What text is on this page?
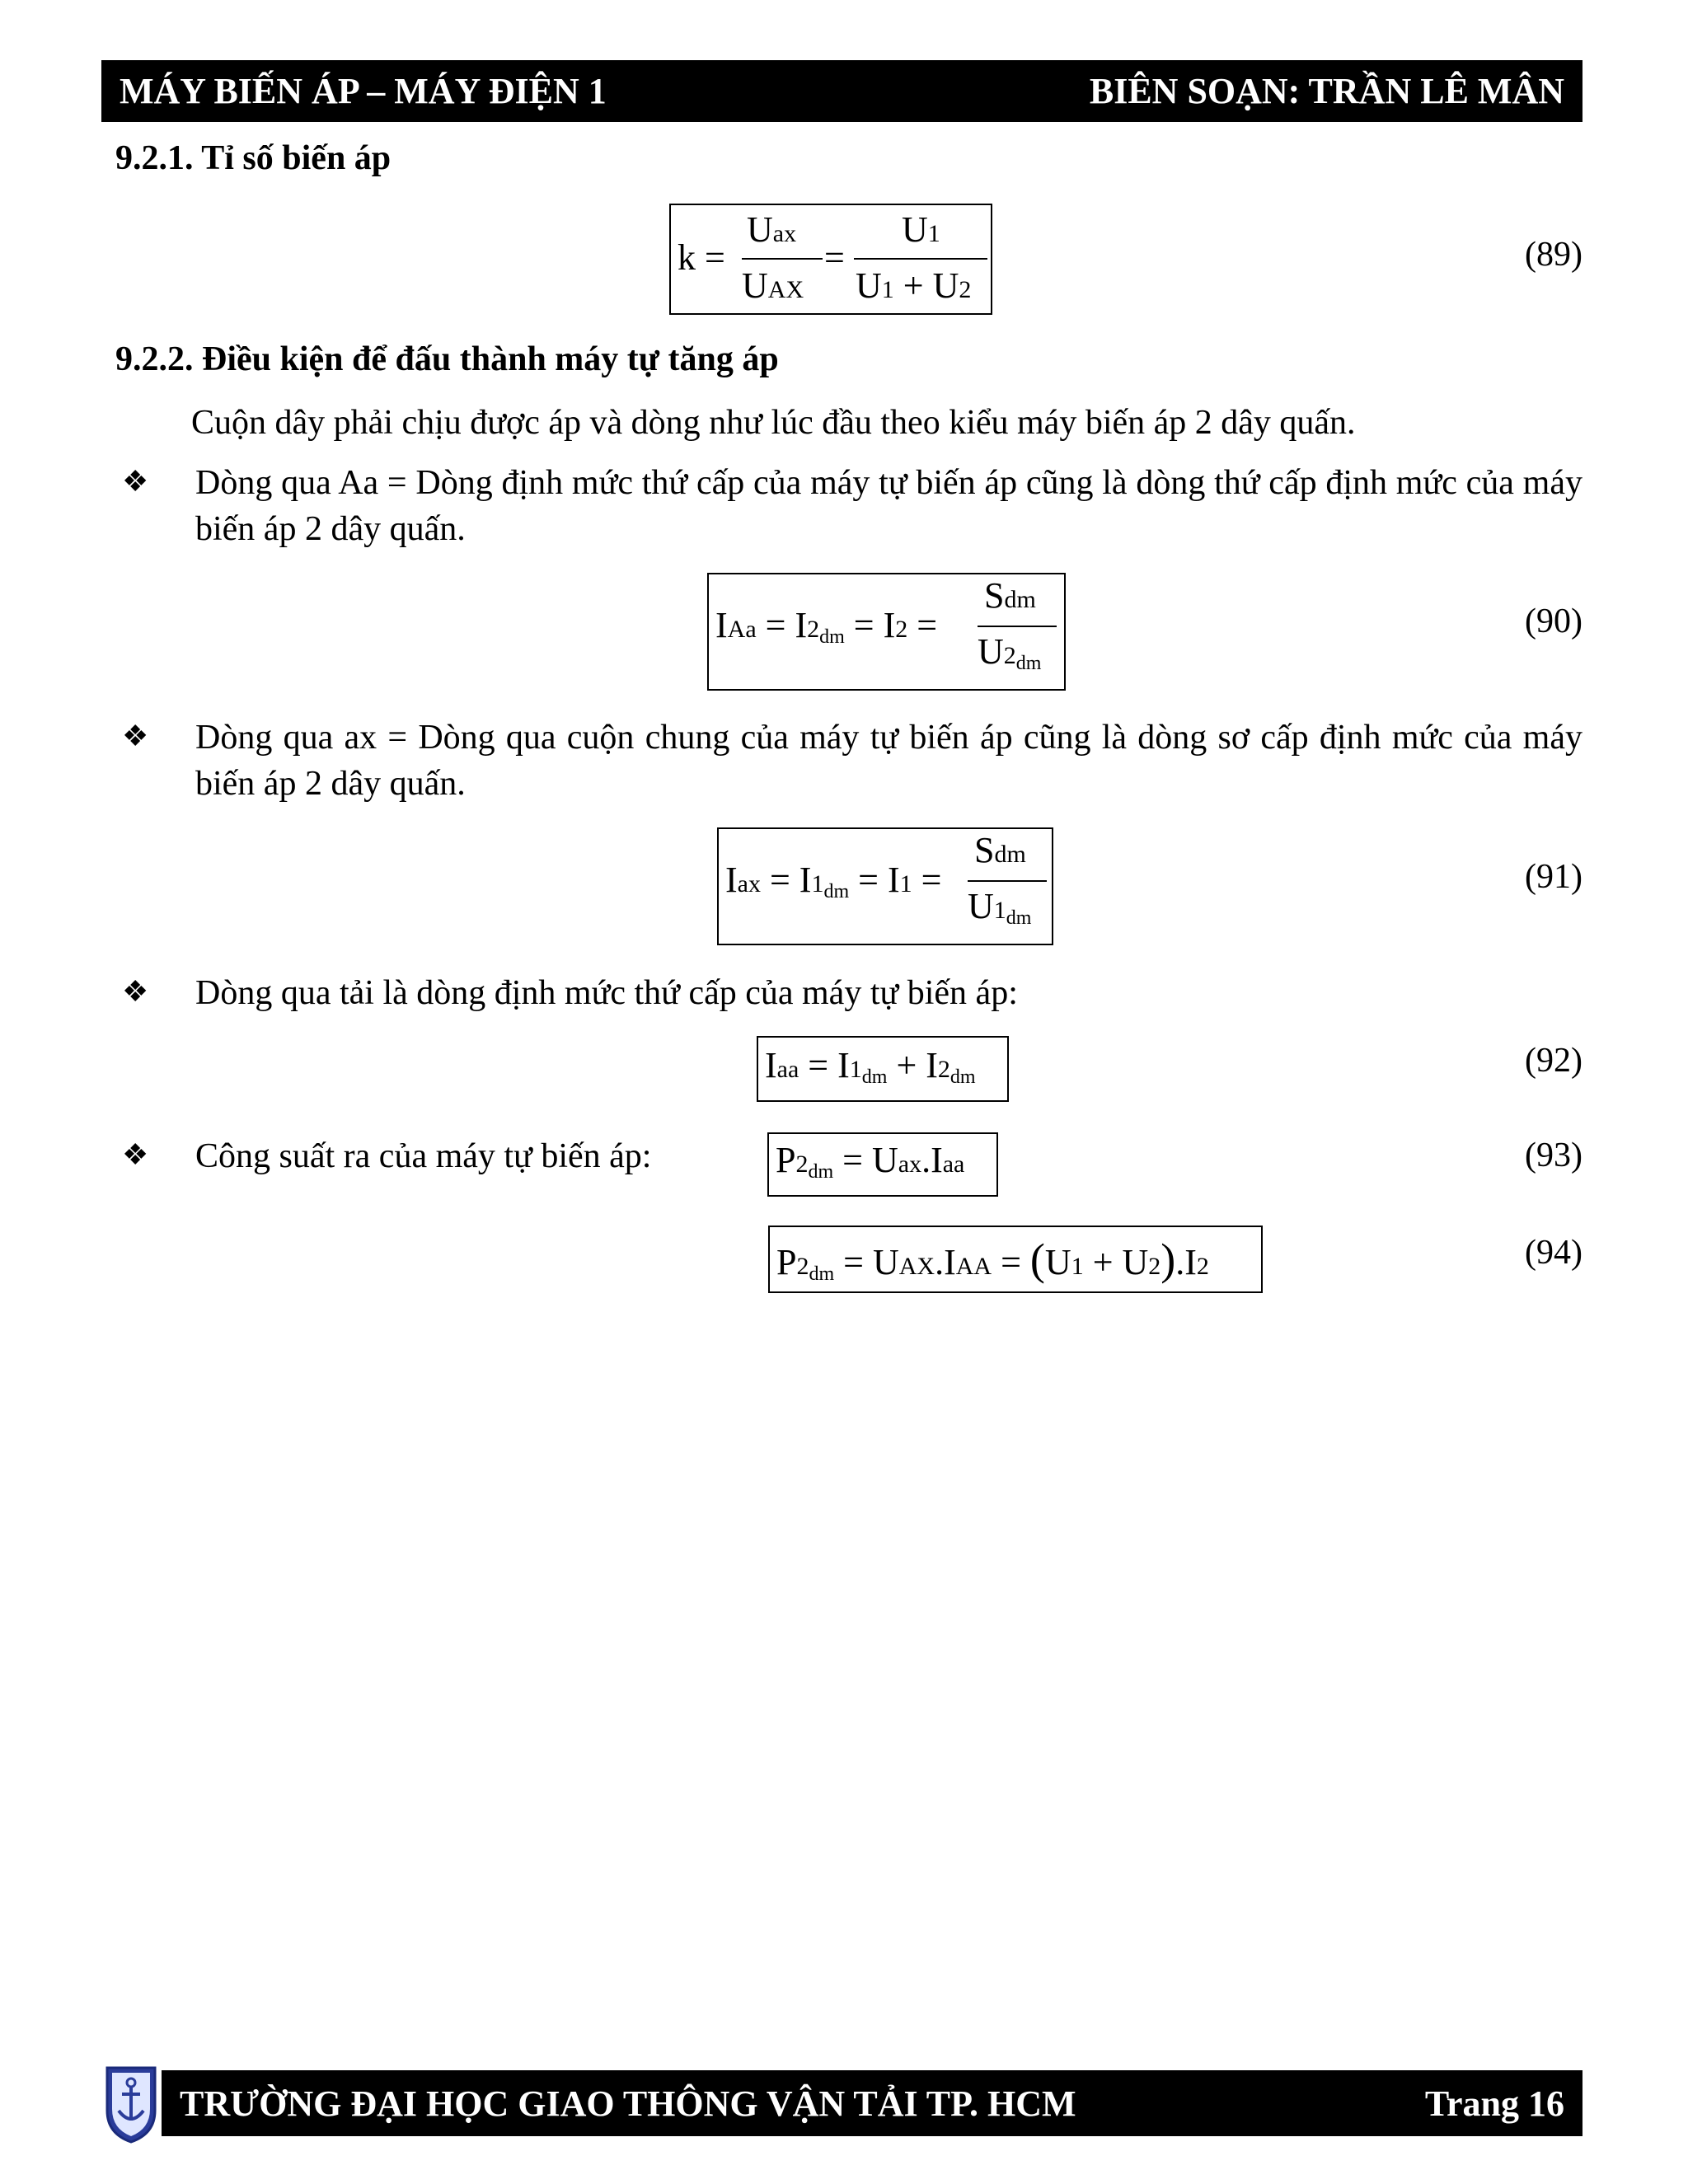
MÁY BIẾN ÁP – MÁY ĐIỆN 1	BIÊN SOẠN: TRẦN LÊ MÂN
9.2.1. Tỉ số biến áp
k =
Uax
UAX
=
U1
U1 + U2
(89)
9.2.2. Điều kiện để đấu thành máy tự tăng áp
Cuộn dây phải chịu được áp và dòng như lúc đầu theo kiểu máy biến áp 2 dây quấn.
❖ Dòng qua Aa = Dòng định mức thứ cấp của máy tự biến áp cũng là dòng thứ cấp định mức của máy biến áp 2 dây quấn.
IAa = $I2_{dm} = I2$ =
Sdm
$U2_{dm}$
(90)
❖ Dòng qua ax = Dòng qua cuộn chung của máy tự biến áp cũng là dòng sơ cấp định mức của máy biến áp 2 dây quấn.
Iax = $I1_{dm} = I1$ =
Sdm
$U1_{dm}$
(91)
❖ Dòng qua tải là dòng định mức thứ cấp của máy tự biến áp:
Iaa = $I1_{dm} + I2_{dm}$	(92)
❖ Công suất ra của máy tự biến áp:	$P2_{dm} = Uax.Iaa$	(93)
$P2_{dm} = UAX.IAA = (U1 + U2).I2$	(94)
TRƯỜNG ĐẠI HỌC GIAO THÔNG VẬN TẢI TP. HCM	Trang 16
